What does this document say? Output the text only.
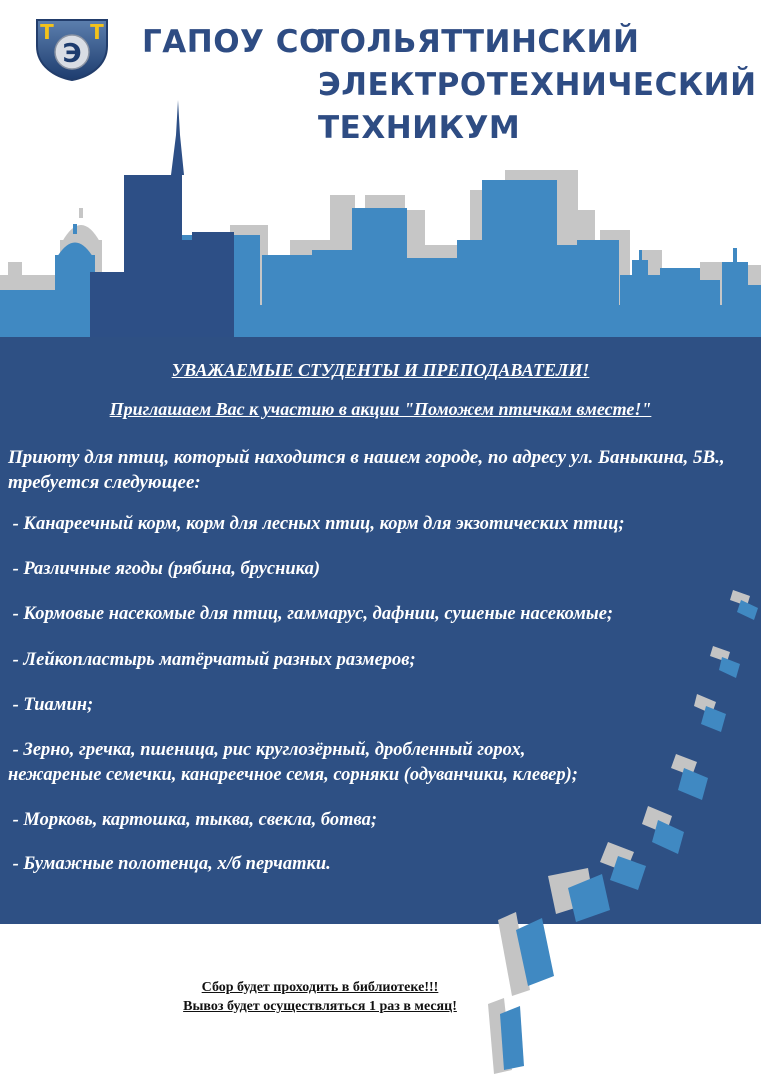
Э
Т Т ГАПОУ СО
ТОЛЬЯТТИНСКИЙ
ЭЛЕКТРОТЕХНИЧЕСКИЙ
ТЕХНИКУМ
УВАЖАЕМЫЕ СТУДЕНТЫ И ПРЕПОДАВАТЕЛИ!
Приглашаем Вас к участию в акции "Поможем птичкам вместе!"
Приюту для птиц, который находится в нашем городе, по адресу ул. Баныкина, 5В., требуется следующее:
- Канареечный корм, корм для лесных птиц, корм для экзотических птиц;
- Различные ягоды (рябина, брусника)
- Кормовые насекомые для птиц, гаммарус, дафнии, сушеные насекомые;
- Лейкопластырь матёрчатый разных размеров;
- Тиамин;
- Зерно, гречка, пшеница, рис круглозёрный, дробленный горох,
нежареные семечки, канареечное семя, сорняки (одуванчики, клевер);
- Морковь, картошка, тыква, свекла, ботва;
- Бумажные полотенца, х/б перчатки.
Сбор будет проходить в библиотеке!!!
Вывоз будет осуществляться 1 раз в месяц!
